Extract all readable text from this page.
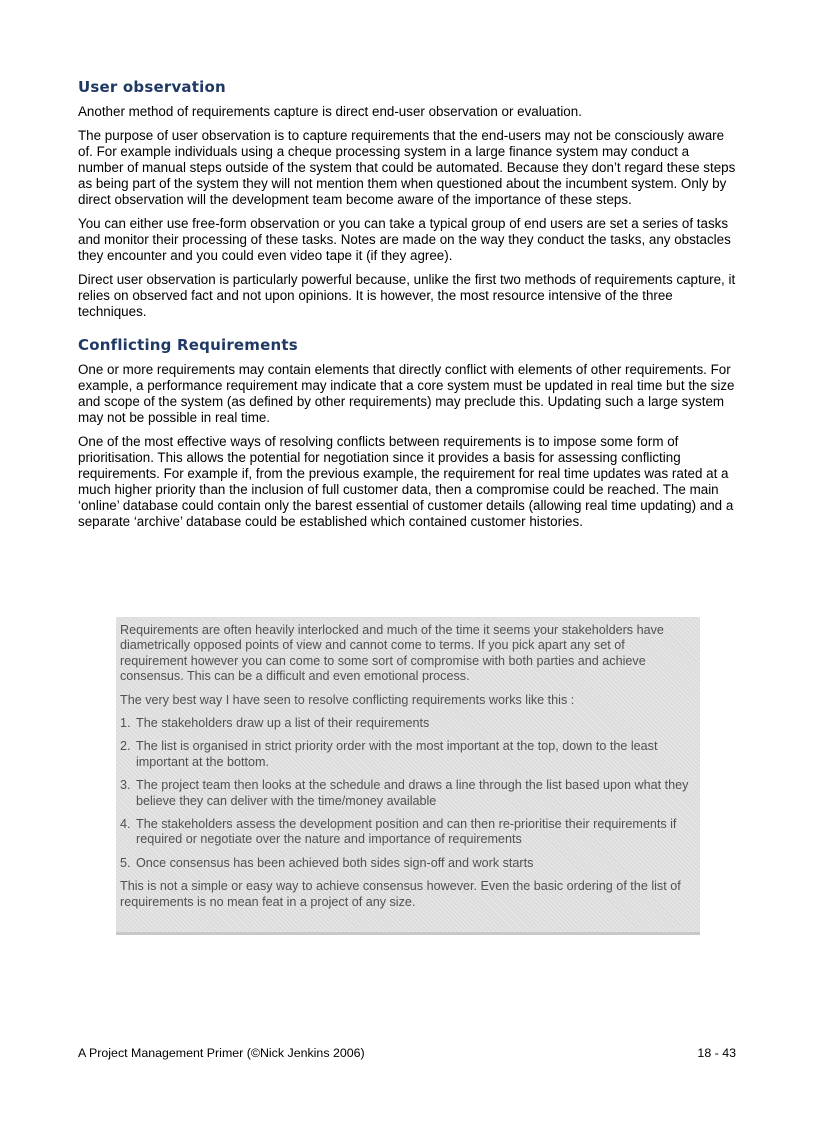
User observation

Another method of requirements capture is direct end-user observation or evaluation.

The purpose of user observation is to capture requirements that the end-users may not be consciously aware of. For example individuals using a cheque processing system in a large finance system may conduct a number of manual steps outside of the system that could be automated. Because they don’t regard these steps as being part of the system they will not mention them when questioned about the incumbent system. Only by direct observation will the development team become aware of the importance of these steps.

You can either use free-form observation or you can take a typical group of end users are set a series of tasks and monitor their processing of these tasks. Notes are made on the way they conduct the tasks, any obstacles they encounter and you could even video tape it (if they agree).

Direct user observation is particularly powerful because, unlike the first two methods of requirements capture, it relies on observed fact and not upon opinions. It is however, the most resource intensive of the three techniques.

Conflicting Requirements

One or more requirements may contain elements that directly conflict with elements of other requirements. For example, a performance requirement may indicate that a core system must be updated in real time but the size and scope of the system (as defined by other requirements) may preclude this. Updating such a large system may not be possible in real time.

One of the most effective ways of resolving conflicts between requirements is to impose some form of prioritisation. This allows the potential for negotiation since it provides a basis for assessing conflicting requirements. For example if, from the previous example, the requirement for real time updates was rated at a much higher priority than the inclusion of full customer data, then a compromise could be reached. The main ‘online’ database could contain only the barest essential of customer details (allowing real time updating) and a separate ‘archive’ database could be established which contained customer histories.

Requirements are often heavily interlocked and much of the time it seems your stakeholders have diametrically opposed points of view and cannot come to terms. If you pick apart any set of requirement however you can come to some sort of compromise with both parties and achieve consensus. This can be a difficult and even emotional process.

The very best way I have seen to resolve conflicting requirements works like this :

1. The stakeholders draw up a list of their requirements
2. The list is organised in strict priority order with the most important at the top, down to the least important at the bottom.
3. The project team then looks at the schedule and draws a line through the list based upon what they believe they can deliver with the time/money available
4. The stakeholders assess the development position and can then re-prioritise their requirements if required or negotiate over the nature and importance of requirements
5. Once consensus has been achieved both sides sign-off and work starts

This is not a simple or easy way to achieve consensus however. Even the basic ordering of the list of requirements is no mean feat in a project of any size.

A Project Management Primer (©Nick Jenkins 2006)	18 - 43
